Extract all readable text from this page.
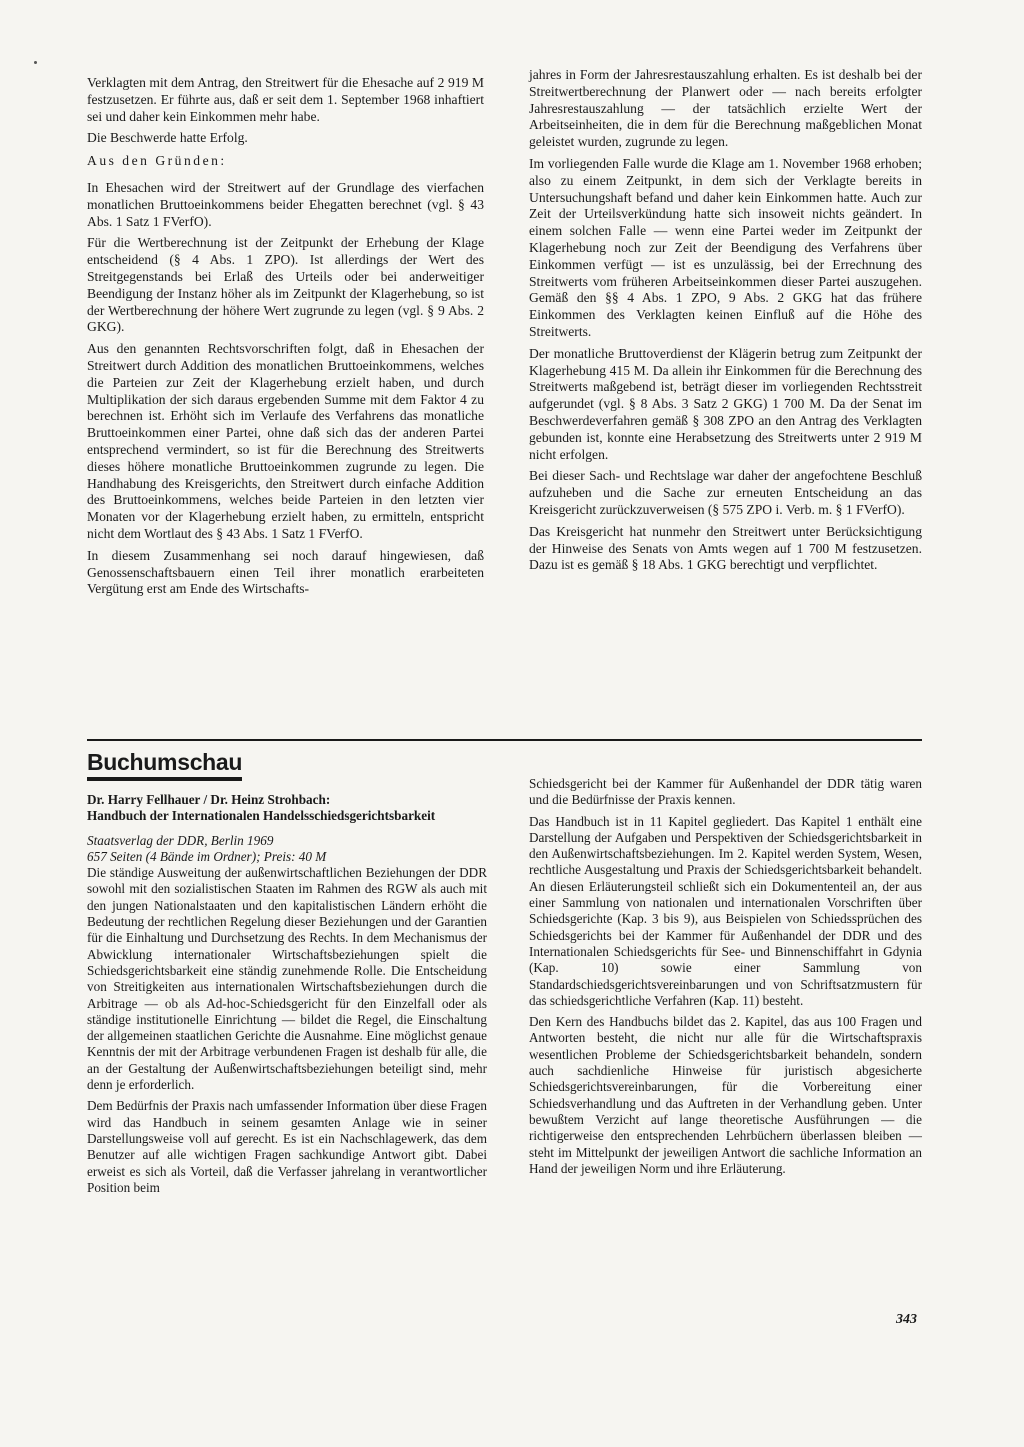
Verklagten mit dem Antrag, den Streitwert für die Ehesache auf 2 919 M festzusetzen. Er führte aus, daß er seit dem 1. September 1968 inhaftiert sei und daher kein Einkommen mehr habe.

Die Beschwerde hatte Erfolg.

Aus den Gründen:

In Ehesachen wird der Streitwert auf der Grundlage des vierfachen monatlichen Bruttoeinkommens beider Ehegatten berechnet (vgl. § 43 Abs. 1 Satz 1 FVerfO).

Für die Wertberechnung ist der Zeitpunkt der Erhebung der Klage entscheidend (§ 4 Abs. 1 ZPO). Ist allerdings der Wert des Streitgegenstands bei Erlaß des Urteils oder bei anderweitiger Beendigung der Instanz höher als im Zeitpunkt der Klagerhebung, so ist der Wertberechnung der höhere Wert zugrunde zu legen (vgl. § 9 Abs. 2 GKG).

Aus den genannten Rechtsvorschriften folgt, daß in Ehesachen der Streitwert durch Addition des monatlichen Bruttoeinkommens, welches die Parteien zur Zeit der Klagerhebung erzielt haben, und durch Multiplikation der sich daraus ergebenden Summe mit dem Faktor 4 zu berechnen ist. Erhöht sich im Verlaufe des Verfahrens das monatliche Bruttoeinkommen einer Partei, ohne daß sich das der anderen Partei entsprechend vermindert, so ist für die Berechnung des Streitwerts dieses höhere monatliche Bruttoeinkommen zugrunde zu legen. Die Handhabung des Kreisgerichts, den Streitwert durch einfache Addition des Bruttoeinkommens, welches beide Parteien in den letzten vier Monaten vor der Klagerhebung erzielt haben, zu ermitteln, entspricht nicht dem Wortlaut des § 43 Abs. 1 Satz 1 FVerfO.

In diesem Zusammenhang sei noch darauf hingewiesen, daß Genossenschaftsbauern einen Teil ihrer monatlich erarbeiteten Vergütung erst am Ende des Wirtschafts-

jahres in Form der Jahresrestauszahlung erhalten. Es ist deshalb bei der Streitwertberechnung der Planwert oder — nach bereits erfolgter Jahresrestauszahlung — der tatsächlich erzielte Wert der Arbeitseinheiten, die in dem für die Berechnung maßgeblichen Monat geleistet wurden, zugrunde zu legen.

Im vorliegenden Falle wurde die Klage am 1. November 1968 erhoben; also zu einem Zeitpunkt, in dem sich der Verklagte bereits in Untersuchungshaft befand und daher kein Einkommen hatte. Auch zur Zeit der Urteilsverkündung hatte sich insoweit nichts geändert. In einem solchen Falle — wenn eine Partei weder im Zeitpunkt der Klagerhebung noch zur Zeit der Beendigung des Verfahrens über Einkommen verfügt — ist es unzulässig, bei der Errechnung des Streitwerts vom früheren Arbeitseinkommen dieser Partei auszugehen. Gemäß den §§ 4 Abs. 1 ZPO, 9 Abs. 2 GKG hat das frühere Einkommen des Verklagten keinen Einfluß auf die Höhe des Streitwerts.

Der monatliche Bruttoverdienst der Klägerin betrug zum Zeitpunkt der Klagerhebung 415 M. Da allein ihr Einkommen für die Berechnung des Streitwerts maßgebend ist, beträgt dieser im vorliegenden Rechtsstreit aufgerundet (vgl. § 8 Abs. 3 Satz 2 GKG) 1 700 M. Da der Senat im Beschwerdeverfahren gemäß § 308 ZPO an den Antrag des Verklagten gebunden ist, konnte eine Herabsetzung des Streitwerts unter 2 919 M nicht erfolgen.

Bei dieser Sach- und Rechtslage war daher der angefochtene Beschluß aufzuheben und die Sache zur erneuten Entscheidung an das Kreisgericht zurückzuverweisen (§ 575 ZPO i. Verb. m. § 1 FVerfO).

Das Kreisgericht hat nunmehr den Streitwert unter Berücksichtigung der Hinweise des Senats von Amts wegen auf 1 700 M festzusetzen. Dazu ist es gemäß § 18 Abs. 1 GKG berechtigt und verpflichtet.

Buchumschau

Dr. Harry Fellhauer / Dr. Heinz Strohbach:

Handbuch der Internationalen Handelsschiedsgerichtsbarkeit

Staatsverlag der DDR, Berlin 1969

657 Seiten (4 Bände im Ordner); Preis: 40 M

Die ständige Ausweitung der außenwirtschaftlichen Beziehungen der DDR sowohl mit den sozialistischen Staaten im Rahmen des RGW als auch mit den jungen Nationalstaaten und den kapitalistischen Ländern erhöht die Bedeutung der rechtlichen Regelung dieser Beziehungen und der Garantien für die Einhaltung und Durchsetzung des Rechts. In dem Mechanismus der Abwicklung internationaler Wirtschaftsbeziehungen spielt die Schiedsgerichtsbarkeit eine ständig zunehmende Rolle. Die Entscheidung von Streitigkeiten aus internationalen Wirtschaftsbeziehungen durch die Arbitrage — ob als Ad-hoc-Schiedsgericht für den Einzelfall oder als ständige institutionelle Einrichtung — bildet die Regel, die Einschaltung der allgemeinen staatlichen Gerichte die Ausnahme. Eine möglichst genaue Kenntnis der mit der Arbitrage verbundenen Fragen ist deshalb für alle, die an der Gestaltung der Außenwirtschaftsbeziehungen beteiligt sind, mehr denn je erforderlich.

Dem Bedürfnis der Praxis nach umfassender Information über diese Fragen wird das Handbuch in seinem gesamten Anlage wie in seiner Darstellungsweise voll auf gerecht. Es ist ein Nachschlagewerk, das dem Benutzer auf alle wichtigen Fragen sachkundige Antwort gibt. Dabei erweist es sich als Vorteil, daß die Verfasser jahrelang in verantwortlicher Position beim

Schiedsgericht bei der Kammer für Außenhandel der DDR tätig waren und die Bedürfnisse der Praxis kennen.

Das Handbuch ist in 11 Kapitel gegliedert. Das Kapitel 1 enthält eine Darstellung der Aufgaben und Perspektiven der Schiedsgerichtsbarkeit in den Außenwirtschaftsbeziehungen. Im 2. Kapitel werden System, Wesen, rechtliche Ausgestaltung und Praxis der Schiedsgerichtsbarkeit behandelt. An diesen Erläuterungsteil schließt sich ein Dokumententeil an, der aus einer Sammlung von nationalen und internationalen Vorschriften über Schiedsgerichte (Kap. 3 bis 9), aus Beispielen von Schiedssprüchen des Schiedsgerichts bei der Kammer für Außenhandel der DDR und des Internationalen Schiedsgerichts für See- und Binnenschiffahrt in Gdynia (Kap. 10) sowie einer Sammlung von Standardschiedsgerichtsvereinbarungen und von Schriftsatzmustern für das schiedsgerichtliche Verfahren (Kap. 11) besteht.

Den Kern des Handbuchs bildet das 2. Kapitel, das aus 100 Fragen und Antworten besteht, die nicht nur alle für die Wirtschaftspraxis wesentlichen Probleme der Schiedsgerichtsbarkeit behandeln, sondern auch sachdienliche Hinweise für juristisch abgesicherte Schiedsgerichtsvereinbarungen, für die Vorbereitung einer Schiedsverhandlung und das Auftreten in der Verhandlung geben. Unter bewußtem Verzicht auf lange theoretische Ausführungen — die richtigerweise den entsprechenden Lehrbüchern überlassen bleiben — steht im Mittelpunkt der jeweiligen Antwort die sachliche Information an Hand der jeweiligen Norm und ihre Erläuterung.

343
